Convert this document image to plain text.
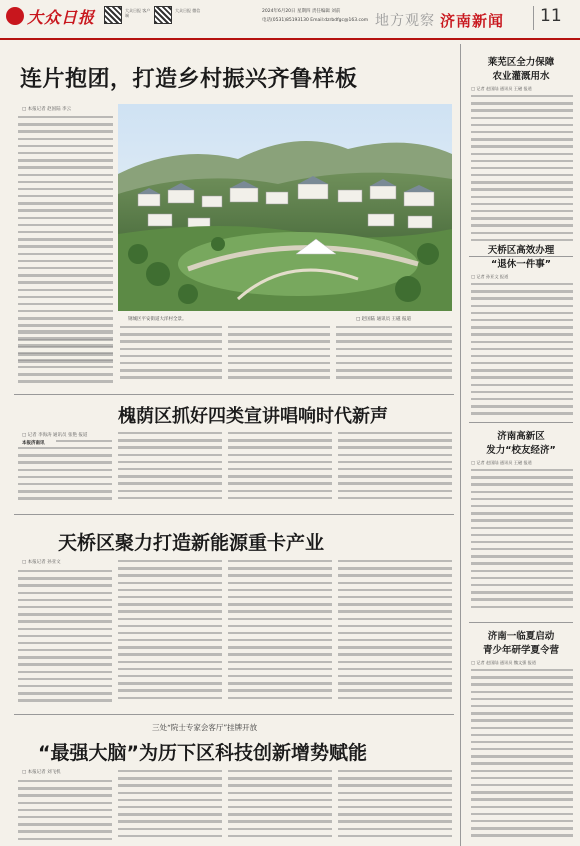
大众日报	大众日报 客户端
大众日报 微信	2024年6月20日 星期四 责任编辑 刘前
电话(0531)85193130 Email:dzrbdfgc@163.com 地方观察 济南新闻 11
连片抱团，打造乡村振兴齐鲁样板
□ 本报记者 赵国陆 李云
钢城区平安街道大洋村全景。	□ 赵国陆 通讯员 王磁 报道
槐荫区抓好四类宣讲唱响时代新声
□ 记者 李海涛 通讯员 张艳 报道
本报济南讯
天桥区聚力打造新能源重卡产业
□ 本报记者 孙亚文
三处“院士专家会客厅”挂牌开放
“最强大脑”为历下区科技创新增势赋能
□ 本报记者 刘飞机
莱芜区全力保障
农业灌溉用水
□ 记者 赵国陆 通讯员 王磁 报道
天桥区高效办理
“退休一件事”
□ 记者 孙亚文 报道
济南高新区
发力“校友经济”
□ 记者 赵国陆 通讯员 王磁 报道
济南一临夏启动
青少年研学夏令营
□ 记者 赵国陆 通讯员 魏文强 报道
